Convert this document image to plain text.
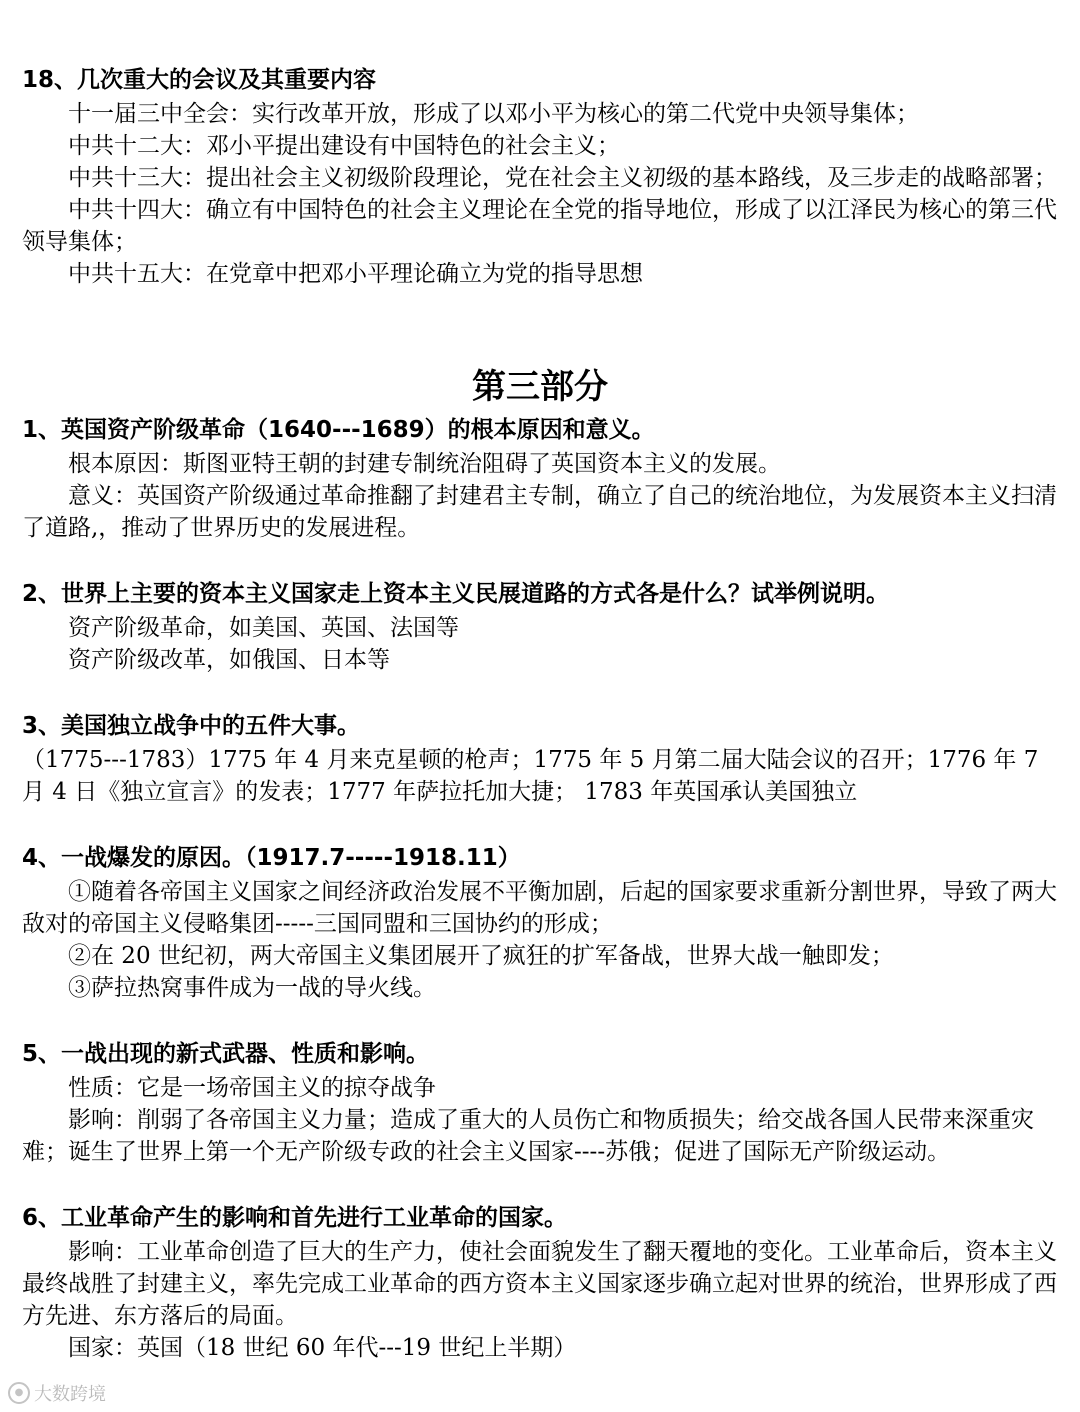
18、几次重大的会议及其重要内容

十一届三中全会：实行改革开放，形成了以邓小平为核心的第二代党中央领导集体；

中共十二大：邓小平提出建设有中国特色的社会主义；

中共十三大：提出社会主义初级阶段理论，党在社会主义初级的基本路线，及三步走的战略部署；

中共十四大：确立有中国特色的社会主义理论在全党的指导地位，形成了以江泽民为核心的第三代领导集体；

中共十五大：在党章中把邓小平理论确立为党的指导思想

第三部分

1、英国资产阶级革命（1640---1689）的根本原因和意义。

根本原因：斯图亚特王朝的封建专制统治阻碍了英国资本主义的发展。

意义：英国资产阶级通过革命推翻了封建君主专制，确立了自己的统治地位，为发展资本主义扫清了道路,，推动了世界历史的发展进程。

2、世界上主要的资本主义国家走上资本主义民展道路的方式各是什么？试举例说明。

资产阶级革命，如美国、英国、法国等

资产阶级改革，如俄国、日本等

3、美国独立战争中的五件大事。

（1775---1783）1775 年 4 月来克星顿的枪声；1775 年 5 月第二届大陆会议的召开；1776 年 7 月 4 日《独立宣言》的发表；1777 年萨拉托加大捷； 1783 年英国承认美国独立

4、一战爆发的原因。（1917.7-----1918.11）

①随着各帝国主义国家之间经济政治发展不平衡加剧，后起的国家要求重新分割世界，导致了两大敌对的帝国主义侵略集团-----三国同盟和三国协约的形成；

②在 20 世纪初，两大帝国主义集团展开了疯狂的扩军备战，世界大战一触即发；

③萨拉热窝事件成为一战的导火线。

5、一战出现的新式武器、性质和影响。

性质：它是一场帝国主义的掠夺战争

影响：削弱了各帝国主义力量；造成了重大的人员伤亡和物质损失；给交战各国人民带来深重灾难；诞生了世界上第一个无产阶级专政的社会主义国家----苏俄；促进了国际无产阶级运动。

6、工业革命产生的影响和首先进行工业革命的国家。

影响：工业革命创造了巨大的生产力，使社会面貌发生了翻天覆地的变化。工业革命后，资本主义最终战胜了封建主义，率先完成工业革命的西方资本主义国家逐步确立起对世界的统治，世界形成了西方先进、东方落后的局面。

国家：英国（18 世纪 60 年代---19 世纪上半期）

● 大数跨境
